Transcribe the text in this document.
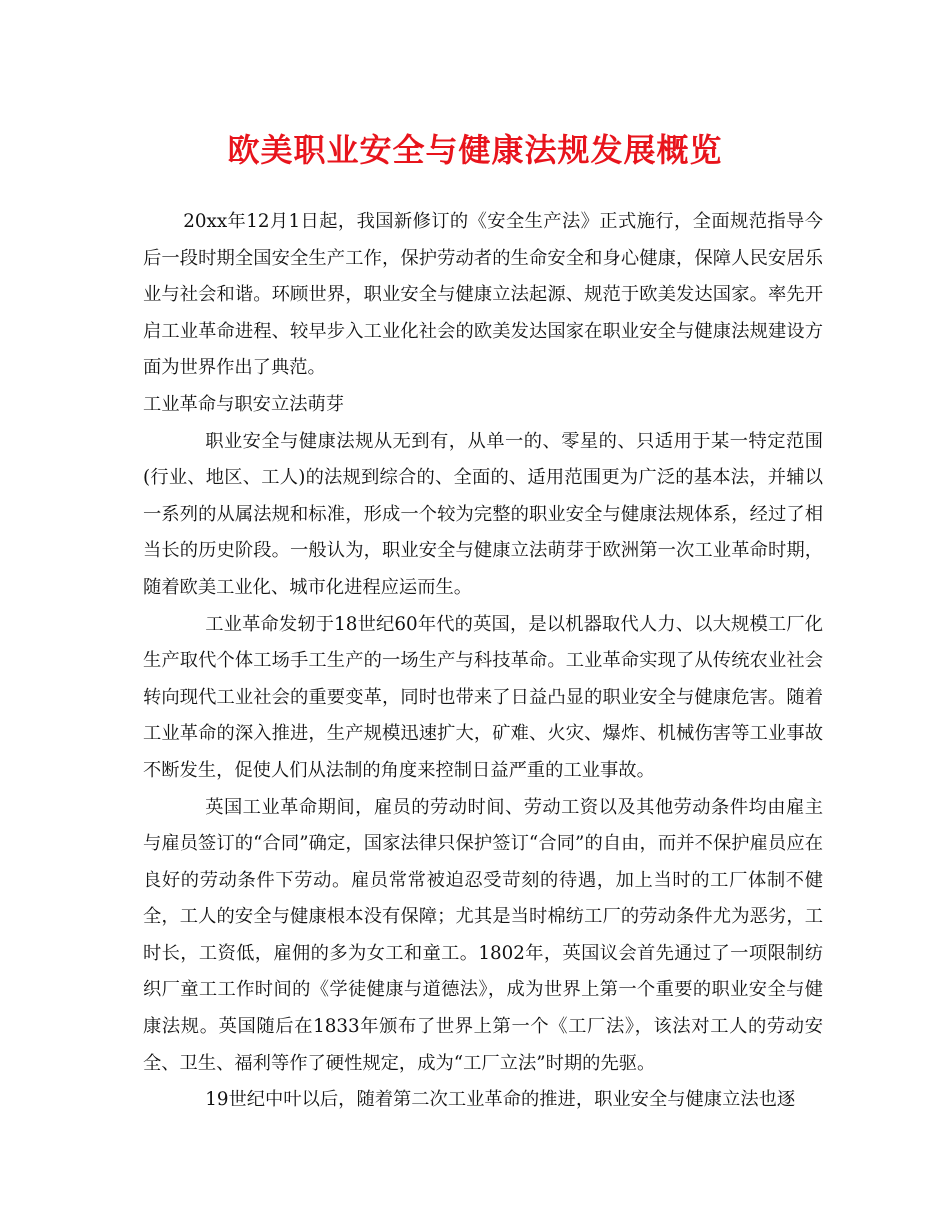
欧美职业安全与健康法规发展概览

20xx年12月1日起，我国新修订的《安全生产法》正式施行，全面规范指导今后一段时期全国安全生产工作，保护劳动者的生命安全和身心健康，保障人民安居乐业与社会和谐。环顾世界，职业安全与健康立法起源、规范于欧美发达国家。率先开启工业革命进程、较早步入工业化社会的欧美发达国家在职业安全与健康法规建设方面为世界作出了典范。

工业革命与职安立法萌芽

职业安全与健康法规从无到有，从单一的、零星的、只适用于某一特定范围(行业、地区、工人)的法规到综合的、全面的、适用范围更为广泛的基本法，并辅以一系列的从属法规和标准，形成一个较为完整的职业安全与健康法规体系，经过了相当长的历史阶段。一般认为，职业安全与健康立法萌芽于欧洲第一次工业革命时期，随着欧美工业化、城市化进程应运而生。

工业革命发轫于18世纪60年代的英国，是以机器取代人力、以大规模工厂化生产取代个体工场手工生产的一场生产与科技革命。工业革命实现了从传统农业社会转向现代工业社会的重要变革，同时也带来了日益凸显的职业安全与健康危害。随着工业革命的深入推进，生产规模迅速扩大，矿难、火灾、爆炸、机械伤害等工业事故不断发生，促使人们从法制的角度来控制日益严重的工业事故。

英国工业革命期间，雇员的劳动时间、劳动工资以及其他劳动条件均由雇主与雇员签订的“合同”确定，国家法律只保护签订“合同”的自由，而并不保护雇员应在良好的劳动条件下劳动。雇员常常被迫忍受苛刻的待遇，加上当时的工厂体制不健全，工人的安全与健康根本没有保障；尤其是当时棉纺工厂的劳动条件尤为恶劣，工时长，工资低，雇佣的多为女工和童工。1802年，英国议会首先通过了一项限制纺织厂童工工作时间的《学徒健康与道德法》，成为世界上第一个重要的职业安全与健康法规。英国随后在1833年颁布了世界上第一个《工厂法》，该法对工人的劳动安全、卫生、福利等作了硬性规定，成为“工厂立法”时期的先驱。

19世纪中叶以后，随着第二次工业革命的推进，职业安全与健康立法也逐
